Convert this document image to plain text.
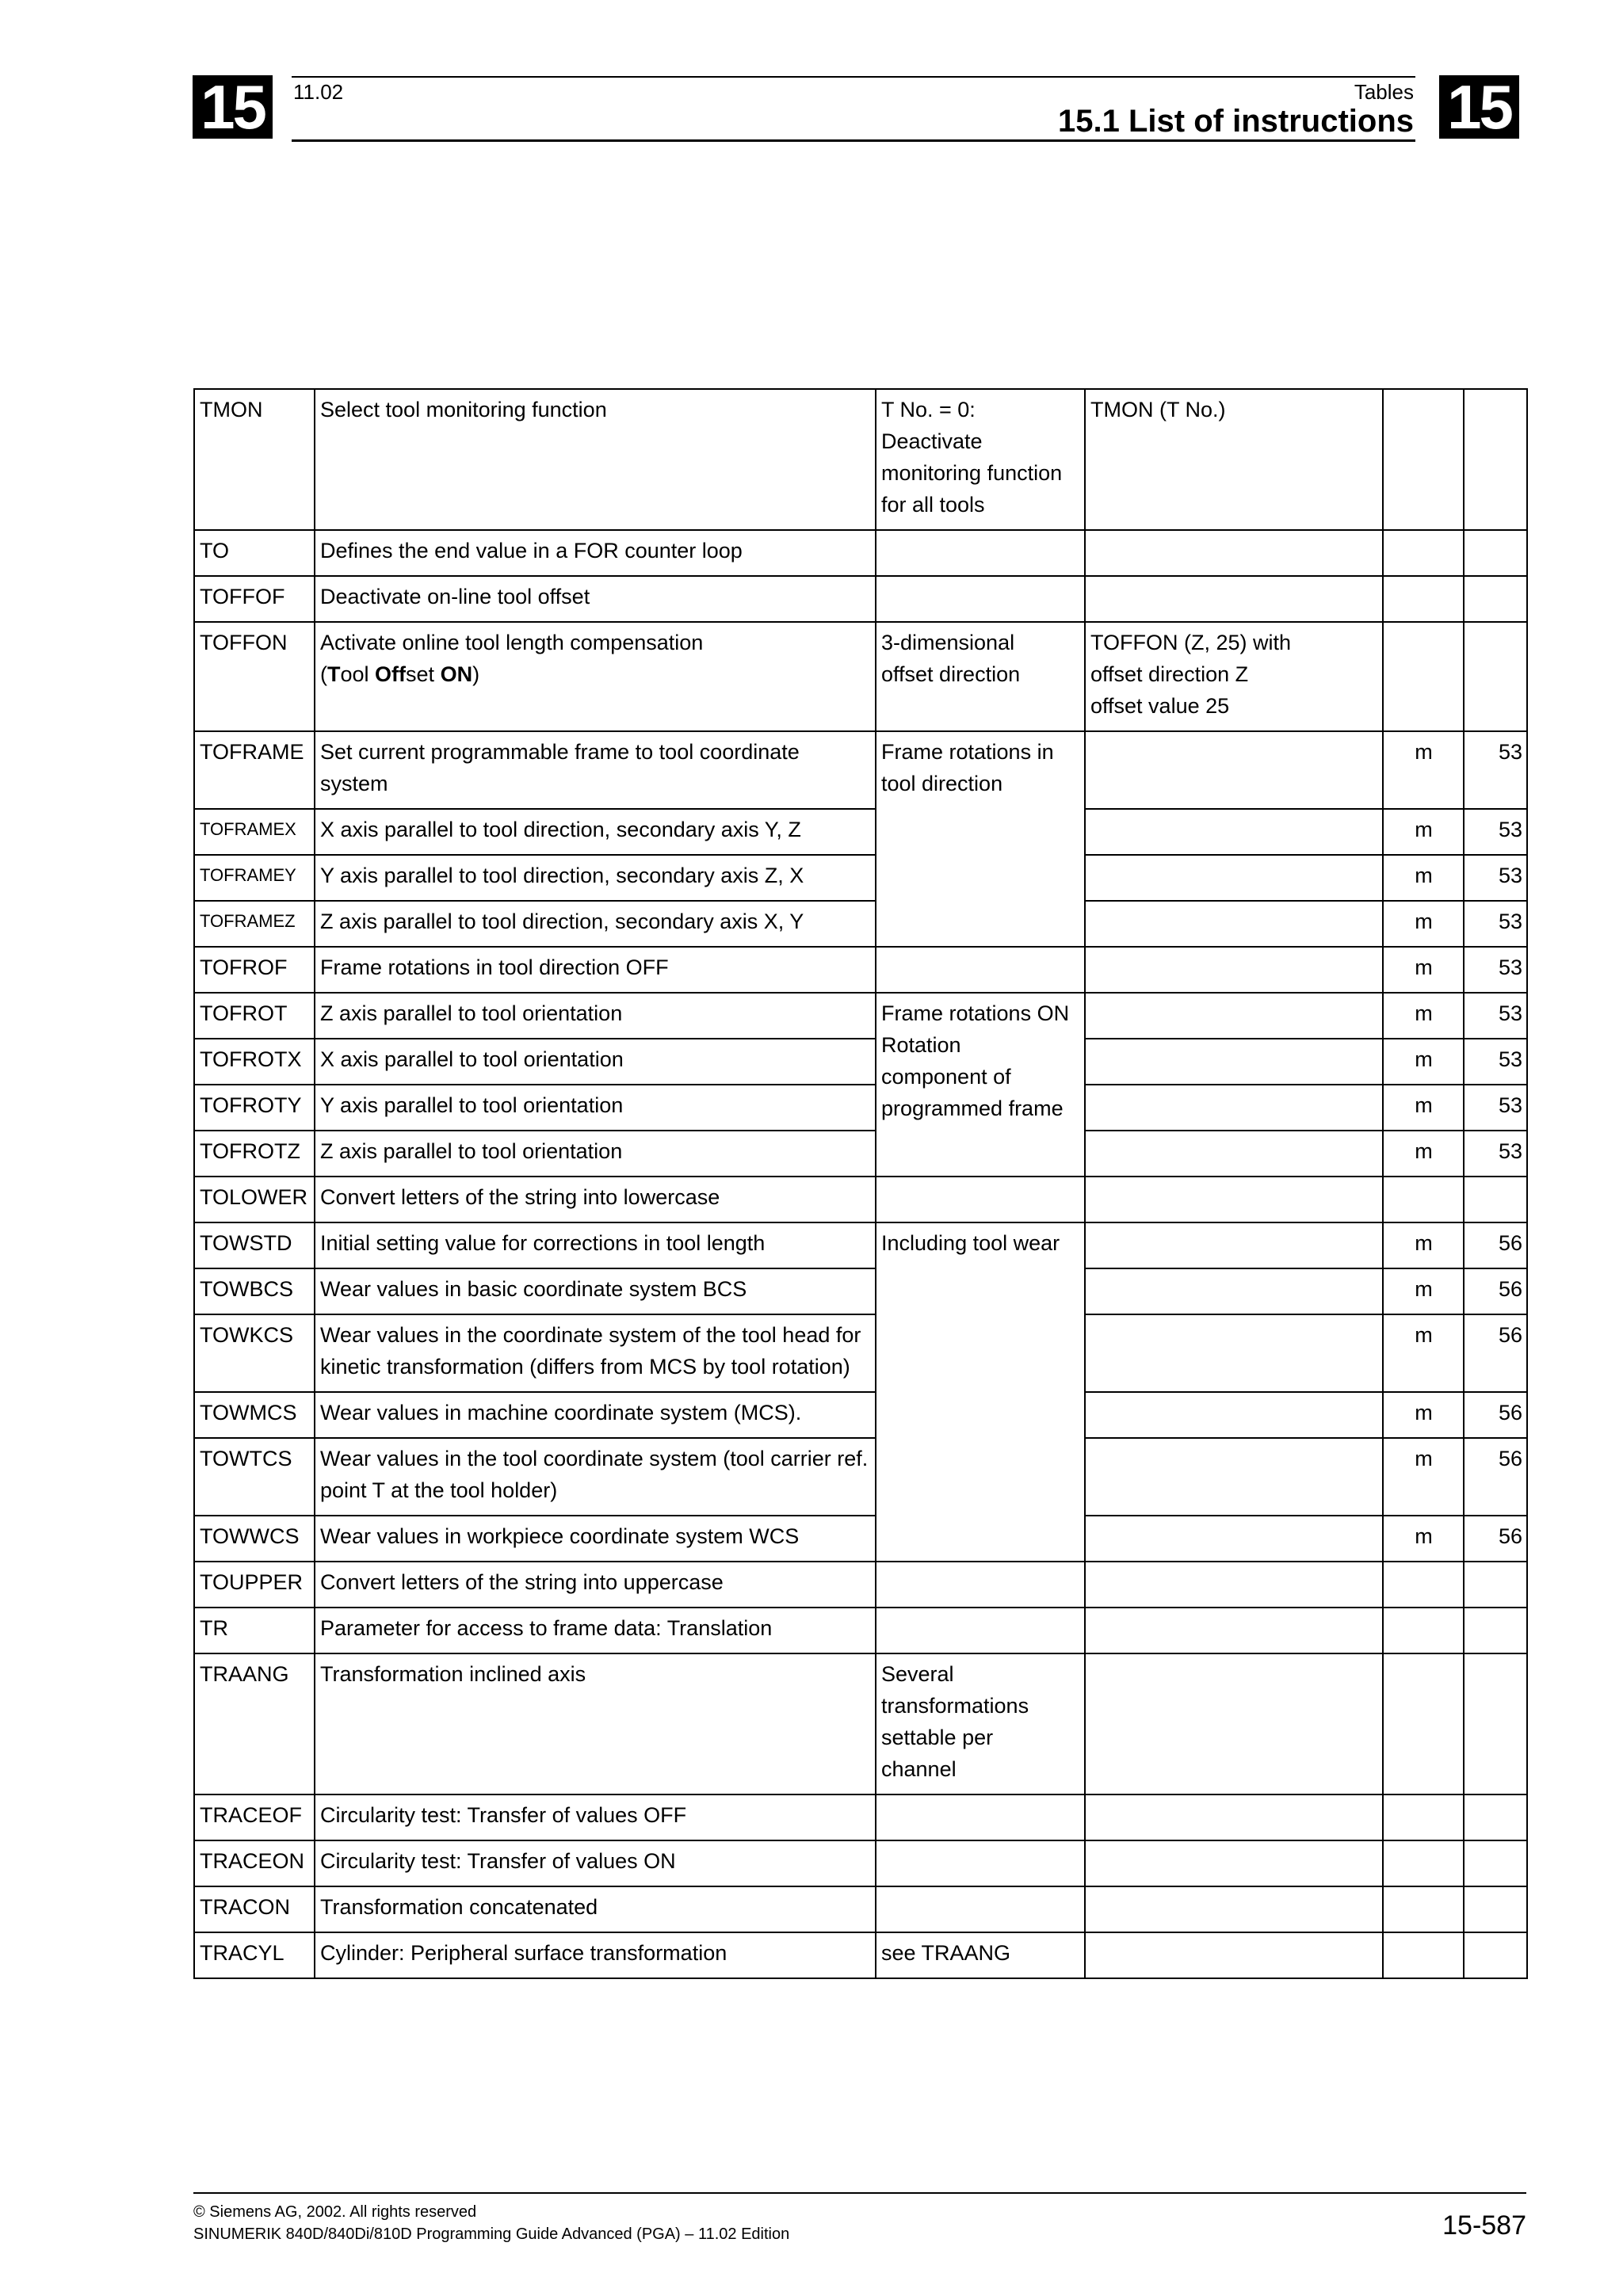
15	11.02	Tables
15.1 List of instructions 15
TMON	Select tool monitoring function	T No. = 0:
Deactivate
monitoring function
for all tools	TMON (T No.)		
TO	Defines the end value in a FOR counter loop				
TOFFOF	Deactivate on-line tool offset				
TOFFON	Activate online tool length compensation
(Tool Offset ON)	3-dimensional
offset direction	TOFFON (Z, 25) with
offset direction Z
offset value 25		
TOFRAME	Set current programmable frame to tool coordinate system	Frame rotations in
tool direction		m	53
TOFRAMEX	X axis parallel to tool direction, secondary axis Y, Z			m	53
TOFRAMEY	Y axis parallel to tool direction, secondary axis Z, X			m	53
TOFRAMEZ	Z axis parallel to tool direction, secondary axis X, Y			m	53
TOFROF	Frame rotations in tool direction OFF			m	53
TOFROT	Z axis parallel to tool orientation	Frame rotations ON
Rotation
component of
programmed frame		m	53
TOFROTX	X axis parallel to tool orientation			m	53
TOFROTY	Y axis parallel to tool orientation			m	53
TOFROTZ	Z axis parallel to tool orientation			m	53
TOLOWER	Convert letters of the string into lowercase				
TOWSTD	Initial setting value for corrections in tool length	Including tool wear		m	56
TOWBCS	Wear values in basic coordinate system BCS			m	56
TOWKCS	Wear values in the coordinate system of the tool head for kinetic transformation (differs from MCS by tool rotation)			m	56
TOWMCS	Wear values in machine coordinate system (MCS).			m	56
TOWTCS	Wear values in the tool coordinate system (tool carrier ref. point T at the tool holder)			m	56
TOWWCS	Wear values in workpiece coordinate system WCS			m	56
TOUPPER	Convert letters of the string into uppercase				
TR	Parameter for access to frame data: Translation				
TRAANG	Transformation inclined axis	Several
transformations
settable per
channel			
TRACEOF	Circularity test: Transfer of values OFF				
TRACEON	Circularity test: Transfer of values ON				
TRACON	Transformation concatenated				
TRACYL	Cylinder: Peripheral surface transformation	see TRAANG			
© Siemens AG, 2002. All rights reserved
SINUMERIK 840D/840Di/810D Programming Guide Advanced (PGA) – 11.02 Edition	15-587
